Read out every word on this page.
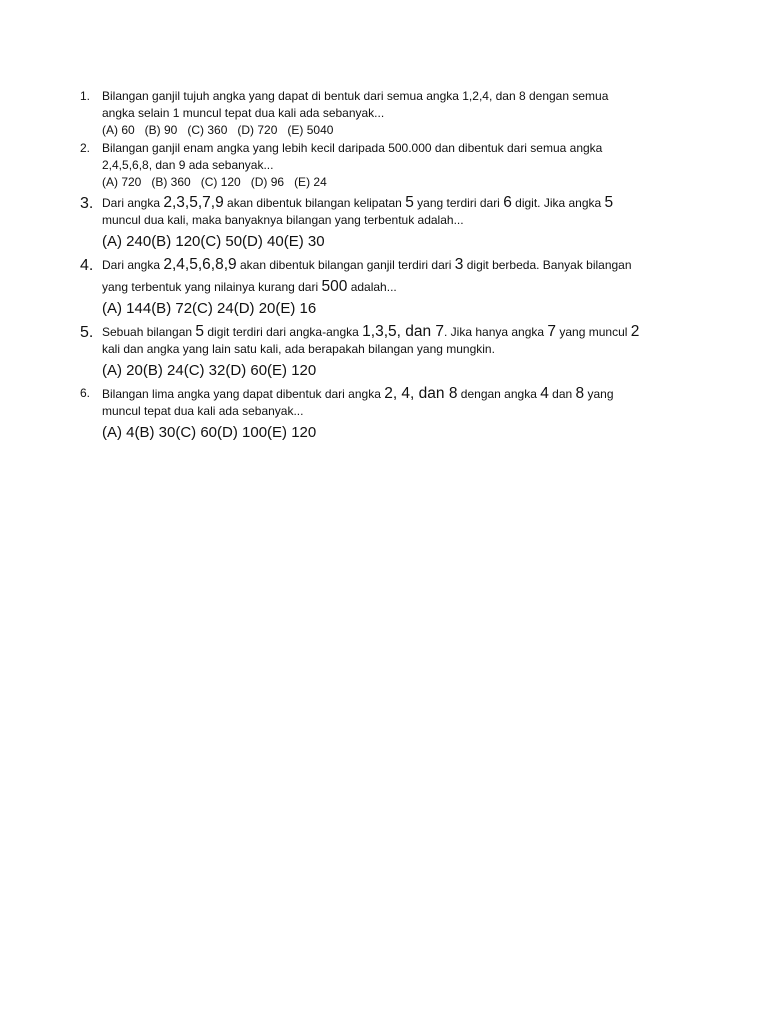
1. Bilangan ganjil tujuh angka yang dapat di bentuk dari semua angka 1,2,4, dan 8 dengan semua
angka selain 1 muncul tepat dua kali ada sebanyak...
(A) 60   (B) 90   (C) 360   (D) 720   (E) 5040
2. Bilangan ganjil enam angka yang lebih kecil daripada 500.000 dan dibentuk dari semua angka
2,4,5,6,8, dan 9 ada sebanyak...
(A) 720   (B) 360   (C) 120   (D) 96   (E) 24
3. Dari angka 2,3,5,7,9 akan dibentuk bilangan kelipatan 5 yang terdiri dari 6 digit. Jika angka 5
muncul dua kali, maka banyaknya bilangan yang terbentuk adalah...
(A) 240(B) 120(C) 50(D) 40(E) 30
4. Dari angka 2,4,5,6,8,9 akan dibentuk bilangan ganjil terdiri dari 3 digit berbeda. Banyak bilangan
yang terbentuk yang nilainya kurang dari 500 adalah...
(A) 144(B) 72(C) 24(D) 20(E) 16
5. Sebuah bilangan 5 digit terdiri dari angka-angka 1,3,5, dan 7. Jika hanya angka 7 yang muncul 2
kali dan angka yang lain satu kali, ada berapakah bilangan yang mungkin.
(A) 20(B) 24(C) 32(D) 60(E) 120
6. Bilangan lima angka yang dapat dibentuk dari angka 2, 4, dan 8 dengan angka 4 dan 8 yang
muncul tepat dua kali ada sebanyak...
(A) 4(B) 30(C) 60(D) 100(E) 120
